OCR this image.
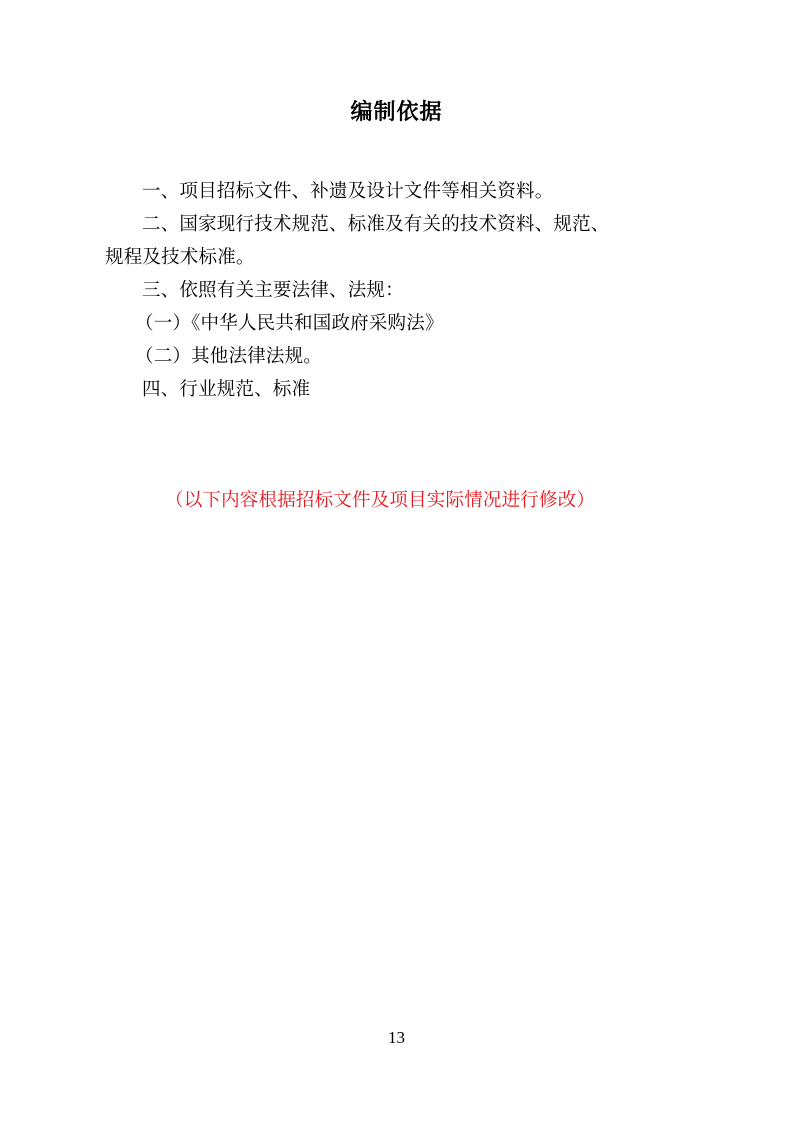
编制依据

一、项目招标文件、补遗及设计文件等相关资料。

二、国家现行技术规范、标准及有关的技术资料、规范、

规程及技术标准。

三、依照有关主要法律、法规：

（一）《中华人民共和国政府采购法》

（二）其他法律法规。

四、行业规范、标准

（以下内容根据招标文件及项目实际情况进行修改）
13
